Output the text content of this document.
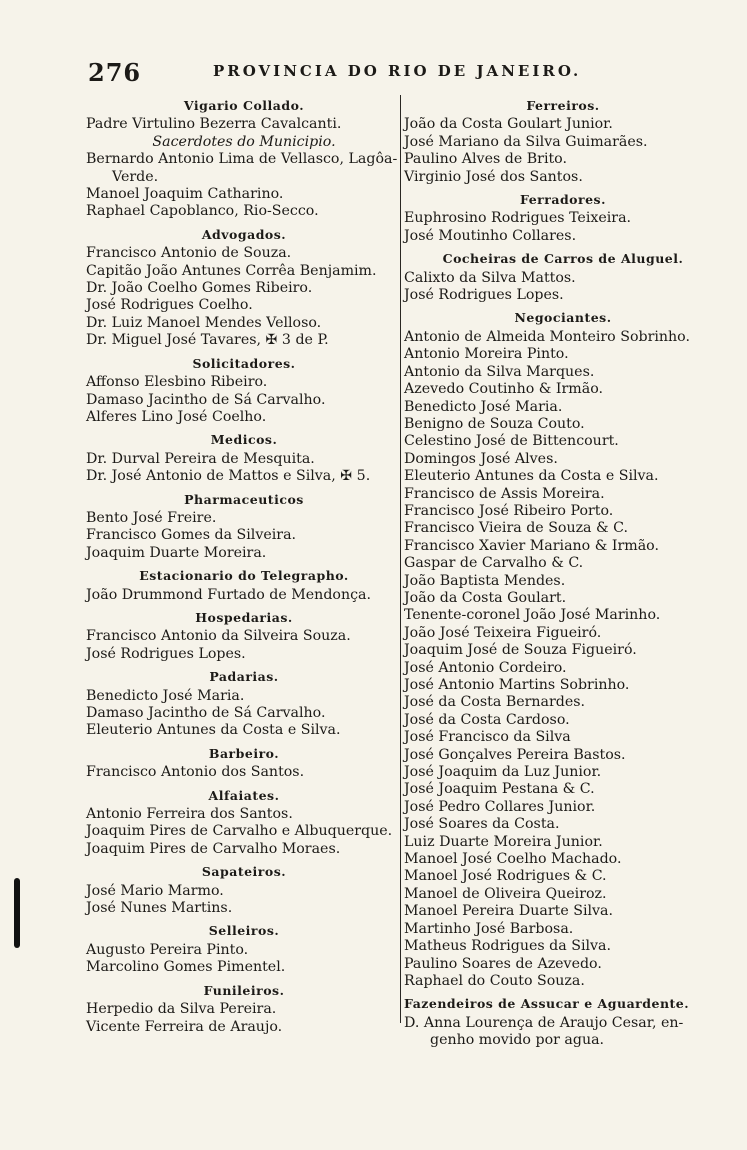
276	PROVINCIA DO RIO DE JANEIRO.
Vigario Collado.
Padre Virtulino Bezerra Cavalcanti.
Sacerdotes do Municipio.
Bernardo Antonio Lima de Vellasco, Lagôa-
Verde.
Manoel Joaquim Catharino.
Raphael Capoblanco, Rio-Secco.
Advogados.
Francisco Antonio de Souza.
Capitão João Antunes Corrêa Benjamim.
Dr. João Coelho Gomes Ribeiro.
José Rodrigues Coelho.
Dr. Luiz Manoel Mendes Velloso.
Dr. Miguel José Tavares, ✠ 3 de P.
Solicitadores.
Affonso Elesbino Ribeiro.
Damaso Jacintho de Sá Carvalho.
Alferes Lino José Coelho.
Medicos.
Dr. Durval Pereira de Mesquita.
Dr. José Antonio de Mattos e Silva, ✠ 5.
Pharmaceuticos
Bento José Freire.
Francisco Gomes da Silveira.
Joaquim Duarte Moreira.
Estacionario do Telegrapho.
João Drummond Furtado de Mendonça.
Hospedarias.
Francisco Antonio da Silveira Souza.
José Rodrigues Lopes.
Padarias.
Benedicto José Maria.
Damaso Jacintho de Sá Carvalho.
Eleuterio Antunes da Costa e Silva.
Barbeiro.
Francisco Antonio dos Santos.
Alfaiates.
Antonio Ferreira dos Santos.
Joaquim Pires de Carvalho e Albuquerque.
Joaquim Pires de Carvalho Moraes.
Sapateiros.
José Mario Marmo.
José Nunes Martins.
Selleiros.
Augusto Pereira Pinto.
Marcolino Gomes Pimentel.
Funileiros.
Herpedio da Silva Pereira.
Vicente Ferreira de Araujo.
Ferreiros.
João da Costa Goulart Junior.
José Mariano da Silva Guimarães.
Paulino Alves de Brito.
Virginio José dos Santos.
Ferradores.
Euphrosino Rodrigues Teixeira.
José Moutinho Collares.
Cocheiras de Carros de Aluguel.
Calixto da Silva Mattos.
José Rodrigues Lopes.
Negociantes.
Antonio de Almeida Monteiro Sobrinho.
Antonio Moreira Pinto.
Antonio da Silva Marques.
Azevedo Coutinho & Irmão.
Benedicto José Maria.
Benigno de Souza Couto.
Celestino José de Bittencourt.
Domingos José Alves.
Eleuterio Antunes da Costa e Silva.
Francisco de Assis Moreira.
Francisco José Ribeiro Porto.
Francisco Vieira de Souza & C.
Francisco Xavier Mariano & Irmão.
Gaspar de Carvalho & C.
João Baptista Mendes.
João da Costa Goulart.
Tenente-coronel João José Marinho.
João José Teixeira Figueiró.
Joaquim José de Souza Figueiró.
José Antonio Cordeiro.
José Antonio Martins Sobrinho.
José da Costa Bernardes.
José da Costa Cardoso.
José Francisco da Silva
José Gonçalves Pereira Bastos.
José Joaquim da Luz Junior.
José Joaquim Pestana & C.
José Pedro Collares Junior.
José Soares da Costa.
Luiz Duarte Moreira Junior.
Manoel José Coelho Machado.
Manoel José Rodrigues & C.
Manoel de Oliveira Queiroz.
Manoel Pereira Duarte Silva.
Martinho José Barbosa.
Matheus Rodrigues da Silva.
Paulino Soares de Azevedo.
Raphael do Couto Souza.
Fazendeiros de Assucar e Aguardente.
D. Anna Lourença de Araujo Cesar, en-
genho movido por agua.
